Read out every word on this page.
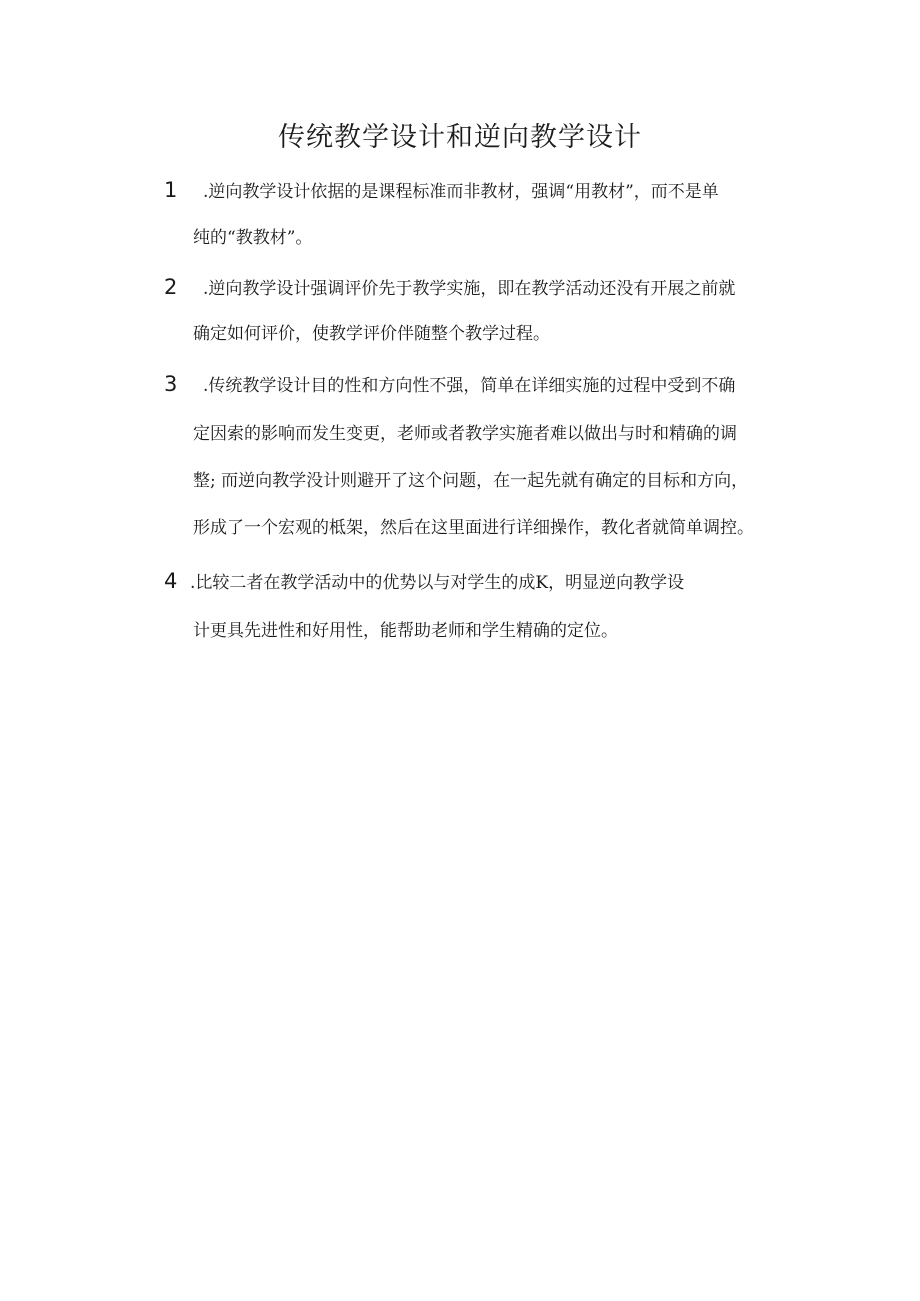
传统教学设计和逆向教学设计
1 .逆向教学设计依据的是课程标准而非教材，强调“用教材”，而不是单
纯的“教教材”。
2 .逆向教学设计强调评价先于教学实施，即在教学活动还没有开展之前就
确定如何评价，使教学评价伴随整个教学过程。
3 .传统教学设计目的性和方向性不强，简单在详细实施的过程中受到不确
定因索的影响而发生变更，老师或者教学实施者难以做出与时和精确的调
整; 而逆向教学没计则避开了这个问题，在一起先就有确定的目标和方向，
形成了一个宏观的柢架，然后在这里面进行详细操作，教化者就简单调控。
4 .比较二者在教学活动中的优势以与对学生的成K，明显逆向教学设
计更具先进性和好用性，能帮助老师和学生精确的定位。
